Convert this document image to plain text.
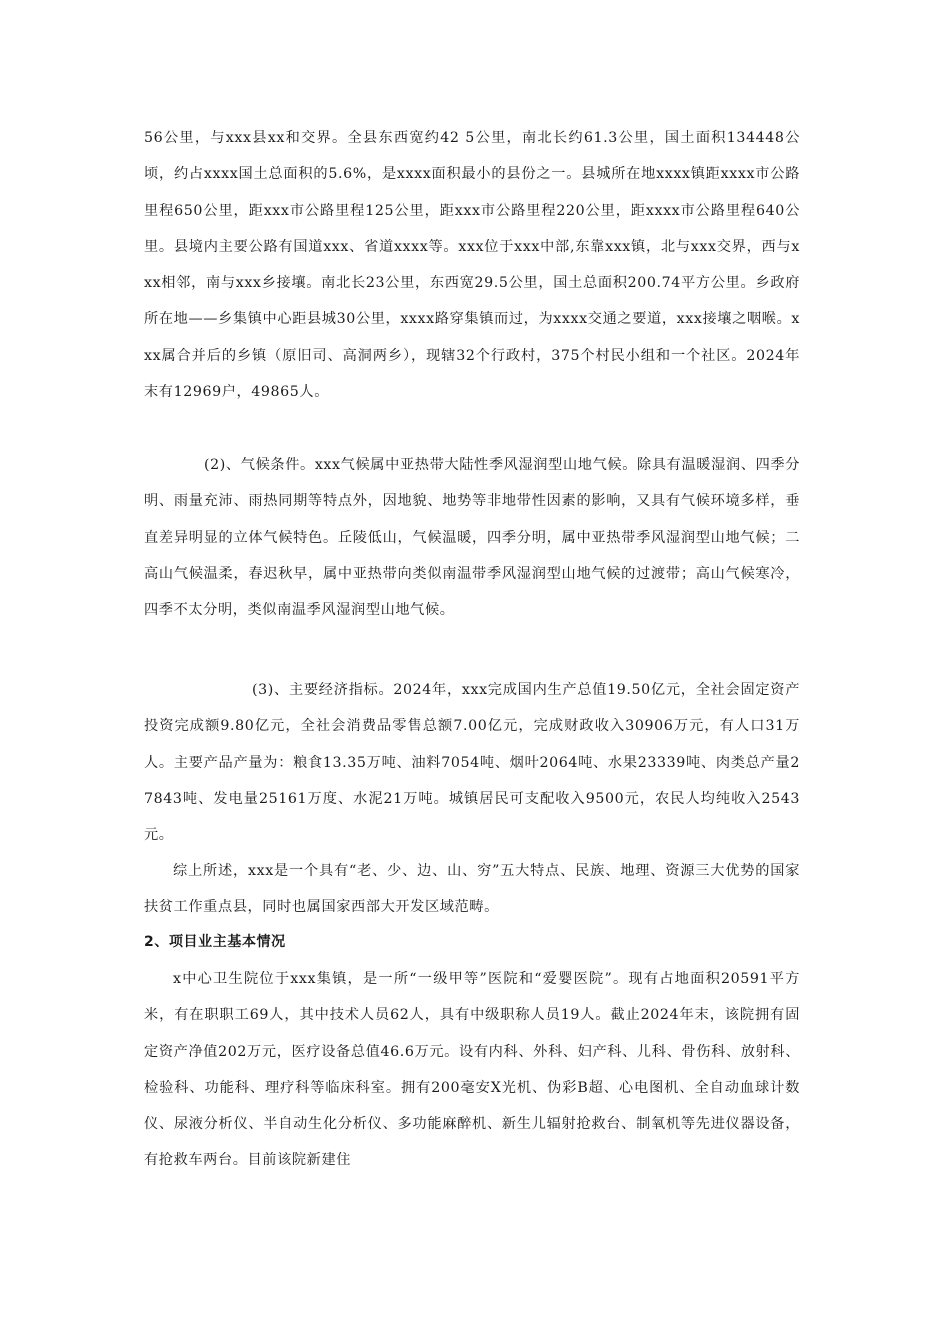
56公里，与xxx县xx和交界。全县东西宽约42 5公里，南北长约61.3公里，国土面积134448公顷，约占xxxx国土总面积的5.6%，是xxxx面积最小的县份之一。县城所在地xxxx镇距xxxx市公路里程650公里，距xxx市公路里程125公里，距xxx市公路里程220公里，距xxxx市公路里程640公里。县境内主要公路有国道xxx、省道xxxx等。xxx位于xxx中部,东靠xxx镇，北与xxx交界，西与xxx相邻，南与xxx乡接壤。南北长23公里，东西宽29.5公里，国土总面积200.74平方公里。乡政府所在地——乡集镇中心距县城30公里，xxxx路穿集镇而过，为xxxx交通之要道，xxx接壤之咽喉。xxx属合并后的乡镇（原旧司、高洞两乡），现辖32个行政村，375个村民小组和一个社区。2024年末有12969户，49865人。

(2)、气候条件。xxx气候属中亚热带大陆性季风湿润型山地气候。除具有温暖湿润、四季分明、雨量充沛、雨热同期等特点外，因地貌、地势等非地带性因素的影响，又具有气候环境多样，垂直差异明显的立体气候特色。丘陵低山，气候温暖，四季分明，属中亚热带季风湿润型山地气候；二高山气候温柔，春迟秋早，属中亚热带向类似南温带季风湿润型山地气候的过渡带；高山气候寒冷，四季不太分明，类似南温季风湿润型山地气候。

(3)、主要经济指标。2024年，xxx完成国内生产总值19.50亿元，全社会固定资产投资完成额9.80亿元，全社会消费品零售总额7.00亿元，完成财政收入30906万元，有人口31万人。主要产品产量为：粮食13.35万吨、油料7054吨、烟叶2064吨、水果23339吨、肉类总产量27843吨、发电量25161万度、水泥21万吨。城镇居民可支配收入9500元，农民人均纯收入2543元。

综上所述，xxx是一个具有“老、少、边、山、穷”五大特点、民族、地理、资源三大优势的国家扶贫工作重点县，同时也属国家西部大开发区域范畴。

2、项目业主基本情况

x中心卫生院位于xxx集镇，是一所“一级甲等”医院和“爱婴医院”。现有占地面积20591平方米，有在职职工69人，其中技术人员62人，具有中级职称人员19人。截止2024年末，该院拥有固定资产净值202万元，医疗设备总值46.6万元。设有内科、外科、妇产科、儿科、骨伤科、放射科、检验科、功能科、理疗科等临床科室。拥有200毫安X光机、伪彩B超、心电图机、全自动血球计数仪、尿液分析仪、半自动生化分析仪、多功能麻醉机、新生儿辐射抢救台、制氧机等先进仪器设备，有抢救车两台。目前该院新建住
